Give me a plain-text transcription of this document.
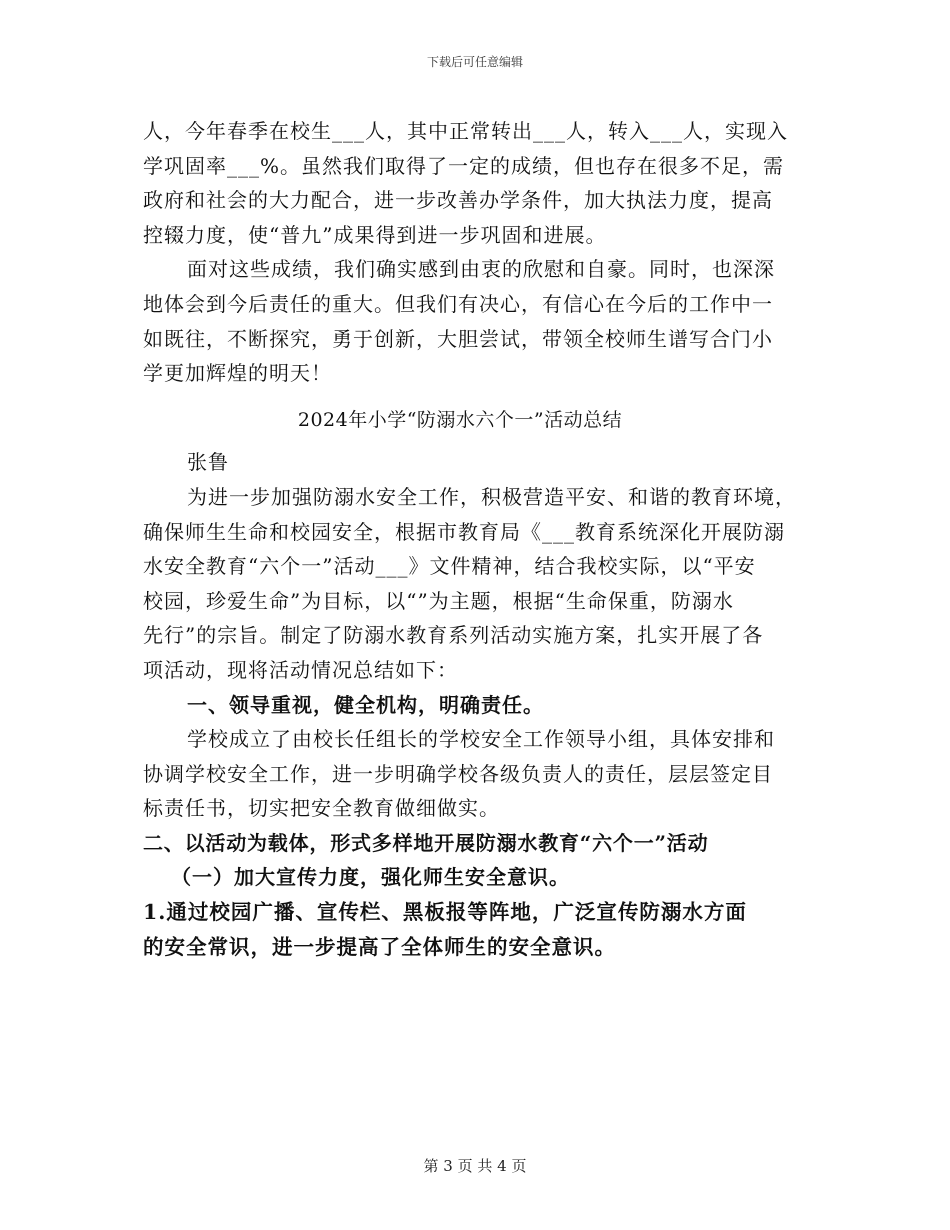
下载后可任意编辑
人，今年春季在校生___人，其中正常转出___人，转入___人，实现入
学巩固率___%。虽然我们取得了一定的成绩，但也存在很多不足，需
政府和社会的大力配合，进一步改善办学条件，加大执法力度，提高
控辍力度，使“普九”成果得到进一步巩固和进展。
面对这些成绩，我们确实感到由衷的欣慰和自豪。同时，也深深
地体会到今后责任的重大。但我们有决心，有信心在今后的工作中一
如既往，不断探究，勇于创新，大胆尝试，带领全校师生谱写合门小
学更加辉煌的明天！
2024年小学“防溺水六个一”活动总结
张鲁
为进一步加强防溺水安全工作，积极营造平安、和谐的教育环境，
确保师生生命和校园安全，根据市教育局《___教育系统深化开展防溺
水安全教育“六个一”活动___》文件精神，结合我校实际，以“平安
校园，珍爱生命”为目标，以“”为主题，根据“生命保重，防溺水
先行”的宗旨。制定了防溺水教育系列活动实施方案，扎实开展了各
项活动，现将活动情况总结如下：
一、领导重视，健全机构，明确责任。
学校成立了由校长任组长的学校安全工作领导小组，具体安排和
协调学校安全工作，进一步明确学校各级负责人的责任，层层签定目
标责任书，切实把安全教育做细做实。
二、以活动为载体，形式多样地开展防溺水教育“六个一”活动
（一）加大宣传力度，强化师生安全意识。
1.通过校园广播、宣传栏、黑板报等阵地，广泛宣传防溺水方面
的安全常识，进一步提高了全体师生的安全意识。
第 3 页 共 4 页
